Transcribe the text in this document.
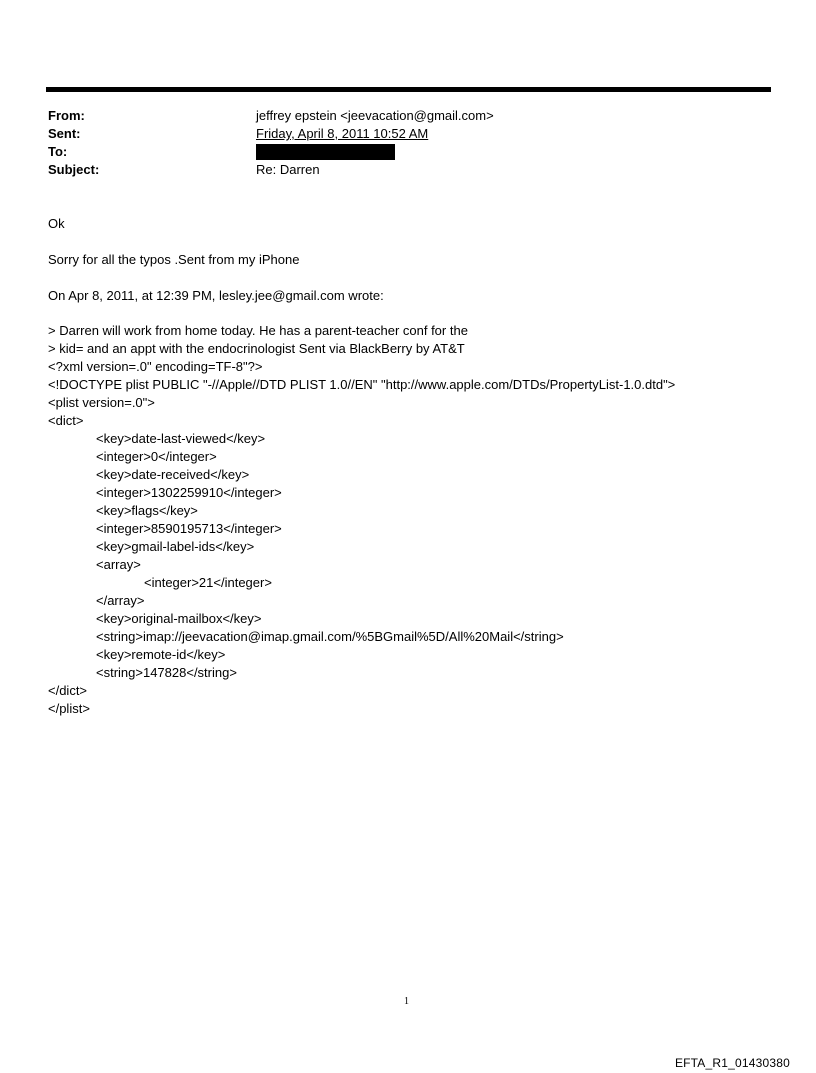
From:	jeffrey epstein <jeevacation@gmail.com>
Sent:	Friday, April 8, 2011 10:52 AM
To:
Subject:	Re: Darren
Ok
Sorry for all the typos .Sent from my iPhone
On Apr 8, 2011, at 12:39 PM, lesley.jee@gmail.com wrote:
> Darren will work from home today. He has a parent-teacher conf for the
> kid= and an appt with the endocrinologist Sent via BlackBerry by AT&T
<?xml version=.0" encoding=TF-8"?>
<!DOCTYPE plist PUBLIC "-//Apple//DTD PLIST 1.0//EN" "http://www.apple.com/DTDs/PropertyList-1.0.dtd">
<plist version=.0">
<dict>
<key>date-last-viewed</key>
<integer>0</integer>
<key>date-received</key>
<integer>1302259910</integer>
<key>flags</key>
<integer>8590195713</integer>
<key>gmail-label-ids</key>
<array>
<integer>21</integer>
</array>
<key>original-mailbox</key>
<string>imap://jeevacation@imap.gmail.com/%5BGmail%5D/All%20Mail</string>
<key>remote-id</key>
<string>147828</string>
</dict>
</plist>
1
EFTA_R1_01430380
